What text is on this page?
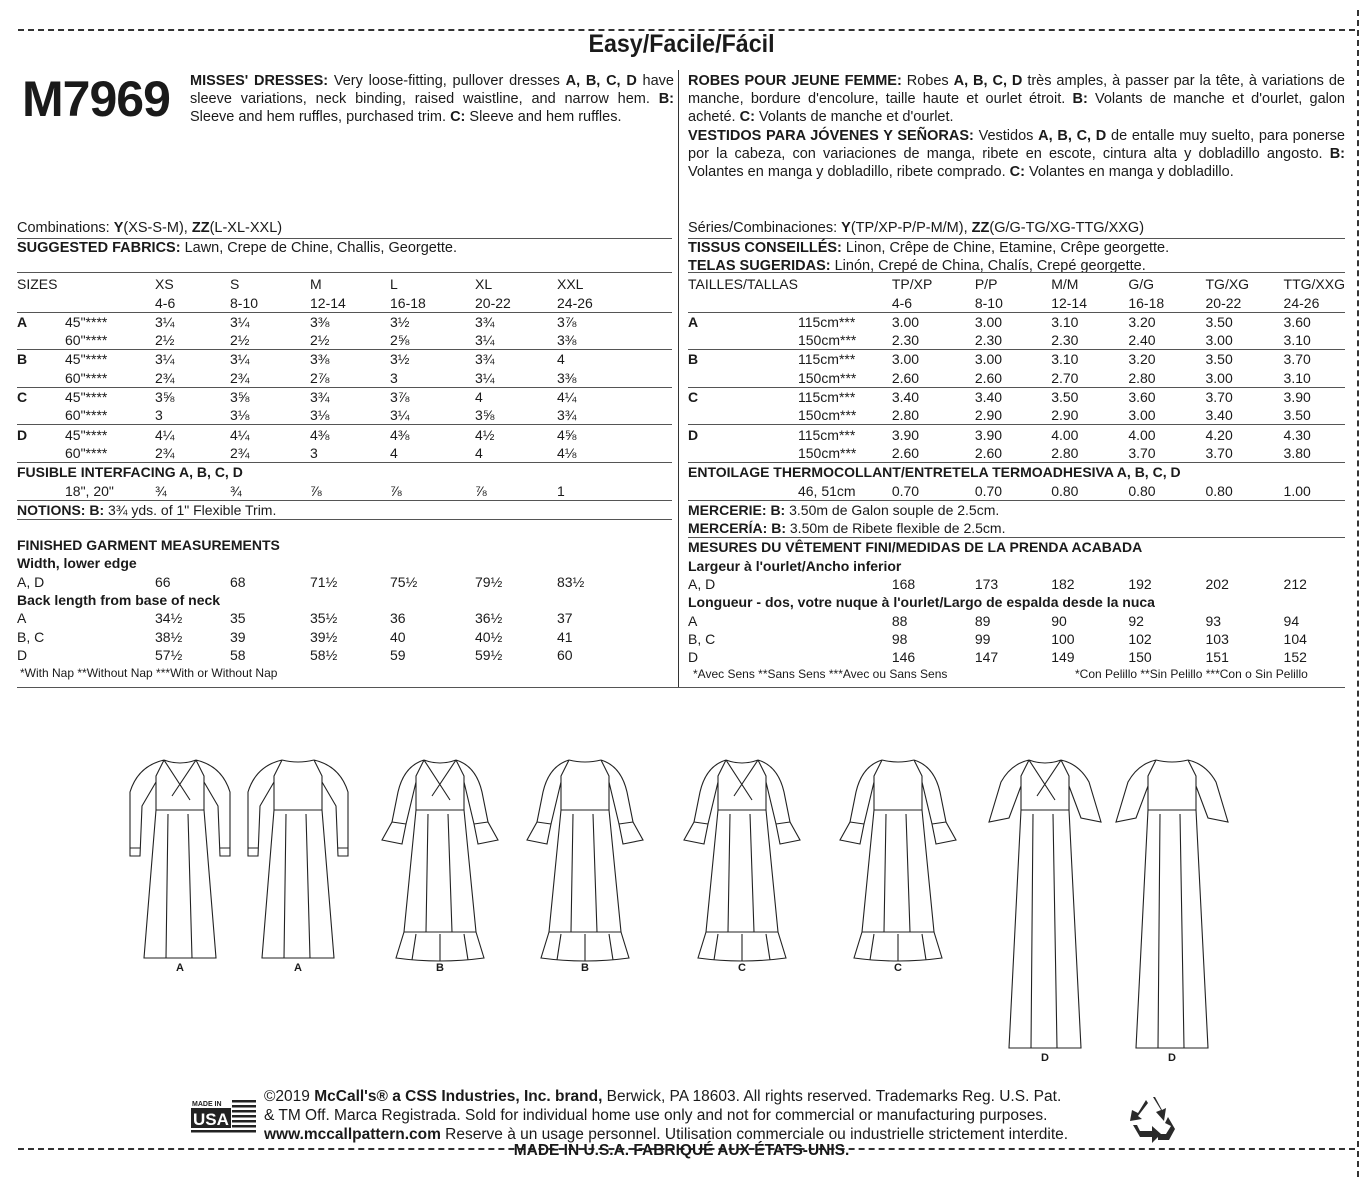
Easy/Facile/Fácil
M7969 MISSES' DRESSES: Very loose-fitting, pullover dresses A, B, C, D have sleeve variations, neck binding, raised waistline, and narrow hem. B: Sleeve and hem ruffles, purchased trim. C: Sleeve and hem ruffles.
ROBES POUR JEUNE FEMME: Robes A, B, C, D très amples, à passer par la tête, à variations de manche, bordure d'encolure, taille haute et ourlet étroit. B: Volants de manche et d'ourlet, galon acheté. C: Volants de manche et d'ourlet.
VESTIDOS PARA JÓVENES Y SEÑORAS: Vestidos A, B, C, D de entalle muy suelto, para ponerse por la cabeza, con variaciones de manga, ribete en escote, cintura alta y dobladillo angosto. B: Volantes en manga y dobladillo, ribete comprado. C: Volantes en manga y dobladillo.
Combinations: Y(XS-S-M), ZZ(L-XL-XXL)
SUGGESTED FABRICS: Lawn, Crepe de Chine, Challis, Georgette.
Séries/Combinaciones: Y(TP/XP-P/P-M/M), ZZ(G/G-TG/XG-TTG/XXG)
TISSUS CONSEILLÉS: Linon, Crêpe de Chine, Etamine, Crêpe georgette.
TELAS SUGERIDAS: Linón, Crepé de China, Chalís, Crepé georgette.
SIZES		XS	S	M	L	XL	XXL
		4-6	8-10	12-14	16-18	20-22	24-26
A	45"****	3¼	3¼	3⅜	3½	3¾	3⅞
	60"****	2½	2½	2½	2⅝	3¼	3⅜
B	45"****	3¼	3¼	3⅜	3½	3¾	4
	60"****	2¾	2¾	2⅞	3	3¼	3⅜
C	45"****	3⅝	3⅝	3¾	3⅞	4	4¼
	60"****	3	3⅛	3⅛	3¼	3⅝	3¾
D	45"****	4¼	4¼	4⅜	4⅜	4½	4⅝
	60"****	2¾	2¾	3	4	4	4⅛
FUSIBLE INTERFACING A, B, C, D							
	18", 20"	¾	¾	⅞	⅞	⅞	1
NOTIONS: B: 3¾ yds. of 1" Flexible Trim.							

FINISHED GARMENT MEASUREMENTS							
Width, lower edge							
A, D		66	68	71½	75½	79½	83½
Back length from base of neck							
A		34½	35	35½	36	36½	37
B, C		38½	39	39½	40	40½	41
D		57½	58	58½	59	59½	60
TAILLES/TALLAS		TP/XP	P/P	M/M	G/G	TG/XG	TTG/XXG
		4-6	8-10	12-14	16-18	20-22	24-26
A	115cm***	3.00	3.00	3.10	3.20	3.50	3.60
	150cm***	2.30	2.30	2.30	2.40	3.00	3.10
B	115cm***	3.00	3.00	3.10	3.20	3.50	3.70
	150cm***	2.60	2.60	2.70	2.80	3.00	3.10
C	115cm***	3.40	3.40	3.50	3.60	3.70	3.90
	150cm***	2.80	2.90	2.90	3.00	3.40	3.50
D	115cm***	3.90	3.90	4.00	4.00	4.20	4.30
	150cm***	2.60	2.60	2.80	3.70	3.70	3.80
ENTOILAGE THERMOCOLLANT/ENTRETELA TERMOADHESIVA A, B, C, D							
	46, 51cm	0.70	0.70	0.80	0.80	0.80	1.00
MERCERIE: B: 3.50m de Galon souple de 2.5cm.							
MERCERÍA: B: 3.50m de Ribete flexible de 2.5cm.							
MESURES DU VÊTEMENT FINI/MEDIDAS DE LA PRENDA ACABADA							
Largeur à l'ourlet/Ancho inferior							
A, D		168	173	182	192	202	212
Longueur - dos, votre nuque à l'ourlet/Largo de espalda desde la nuca							
A		88	89	90	92	93	94
B, C		98	99	100	102	103	104
D		146	147	149	150	151	152
*With Nap **Without Nap ***With or Without Nap	*Avec Sens **Sans Sens ***Avec ou Sans Sens	*Con Pelillo **Sin Pelillo ***Con o Sin Pelillo
A	A	B	B	C	C
D	D
MADE IN
USA
©2019 McCall's® a CSS Industries, Inc. brand, Berwick, PA 18603. All rights reserved. Trademarks Reg. U.S. Pat.
& TM Off. Marca Registrada. Sold for individual home use only and not for commercial or manufacturing purposes.
www.mccallpattern.com Reserve à un usage personnel. Utilisation commerciale ou industrielle strictement interdite.
MADE IN U.S.A. FABRIQUÉ AUX ÉTATS-UNIS.
